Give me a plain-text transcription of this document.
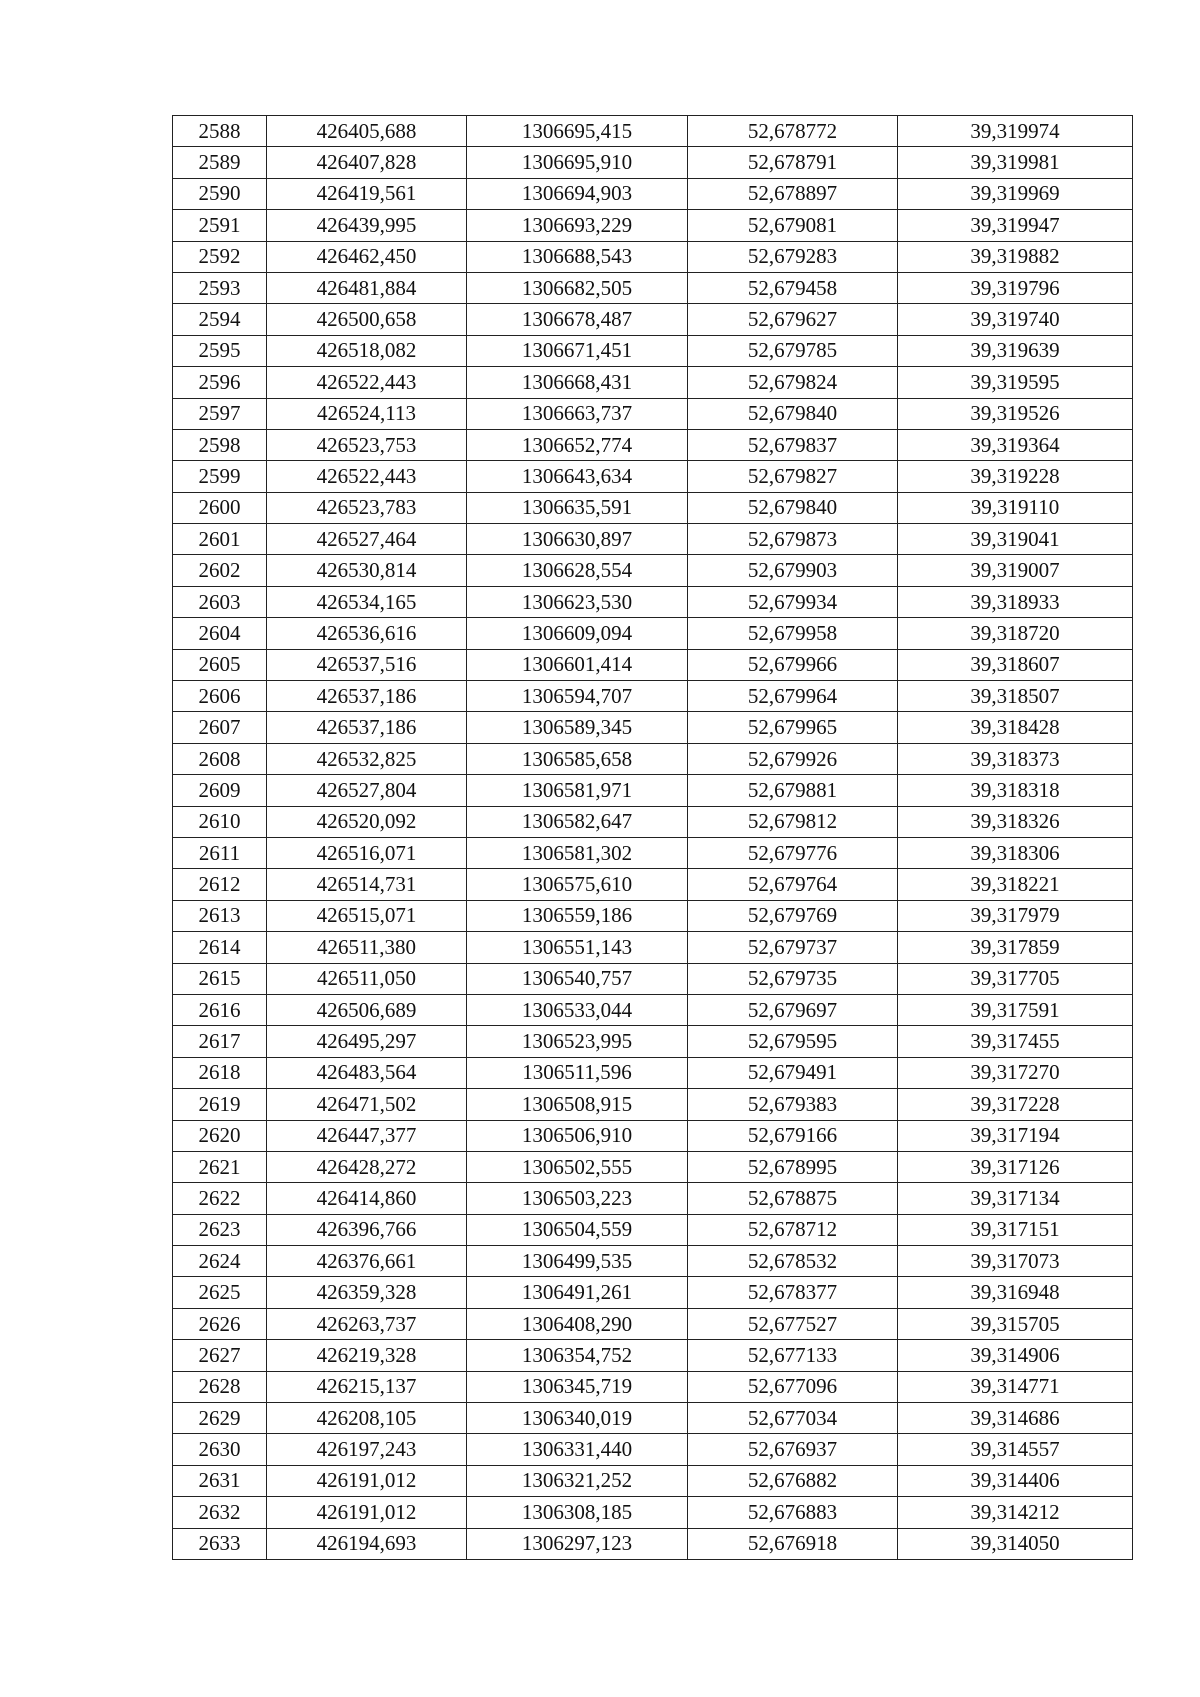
2588	426405,688	1306695,415	52,678772	39,319974
2589	426407,828	1306695,910	52,678791	39,319981
2590	426419,561	1306694,903	52,678897	39,319969
2591	426439,995	1306693,229	52,679081	39,319947
2592	426462,450	1306688,543	52,679283	39,319882
2593	426481,884	1306682,505	52,679458	39,319796
2594	426500,658	1306678,487	52,679627	39,319740
2595	426518,082	1306671,451	52,679785	39,319639
2596	426522,443	1306668,431	52,679824	39,319595
2597	426524,113	1306663,737	52,679840	39,319526
2598	426523,753	1306652,774	52,679837	39,319364
2599	426522,443	1306643,634	52,679827	39,319228
2600	426523,783	1306635,591	52,679840	39,319110
2601	426527,464	1306630,897	52,679873	39,319041
2602	426530,814	1306628,554	52,679903	39,319007
2603	426534,165	1306623,530	52,679934	39,318933
2604	426536,616	1306609,094	52,679958	39,318720
2605	426537,516	1306601,414	52,679966	39,318607
2606	426537,186	1306594,707	52,679964	39,318507
2607	426537,186	1306589,345	52,679965	39,318428
2608	426532,825	1306585,658	52,679926	39,318373
2609	426527,804	1306581,971	52,679881	39,318318
2610	426520,092	1306582,647	52,679812	39,318326
2611	426516,071	1306581,302	52,679776	39,318306
2612	426514,731	1306575,610	52,679764	39,318221
2613	426515,071	1306559,186	52,679769	39,317979
2614	426511,380	1306551,143	52,679737	39,317859
2615	426511,050	1306540,757	52,679735	39,317705
2616	426506,689	1306533,044	52,679697	39,317591
2617	426495,297	1306523,995	52,679595	39,317455
2618	426483,564	1306511,596	52,679491	39,317270
2619	426471,502	1306508,915	52,679383	39,317228
2620	426447,377	1306506,910	52,679166	39,317194
2621	426428,272	1306502,555	52,678995	39,317126
2622	426414,860	1306503,223	52,678875	39,317134
2623	426396,766	1306504,559	52,678712	39,317151
2624	426376,661	1306499,535	52,678532	39,317073
2625	426359,328	1306491,261	52,678377	39,316948
2626	426263,737	1306408,290	52,677527	39,315705
2627	426219,328	1306354,752	52,677133	39,314906
2628	426215,137	1306345,719	52,677096	39,314771
2629	426208,105	1306340,019	52,677034	39,314686
2630	426197,243	1306331,440	52,676937	39,314557
2631	426191,012	1306321,252	52,676882	39,314406
2632	426191,012	1306308,185	52,676883	39,314212
2633	426194,693	1306297,123	52,676918	39,314050
